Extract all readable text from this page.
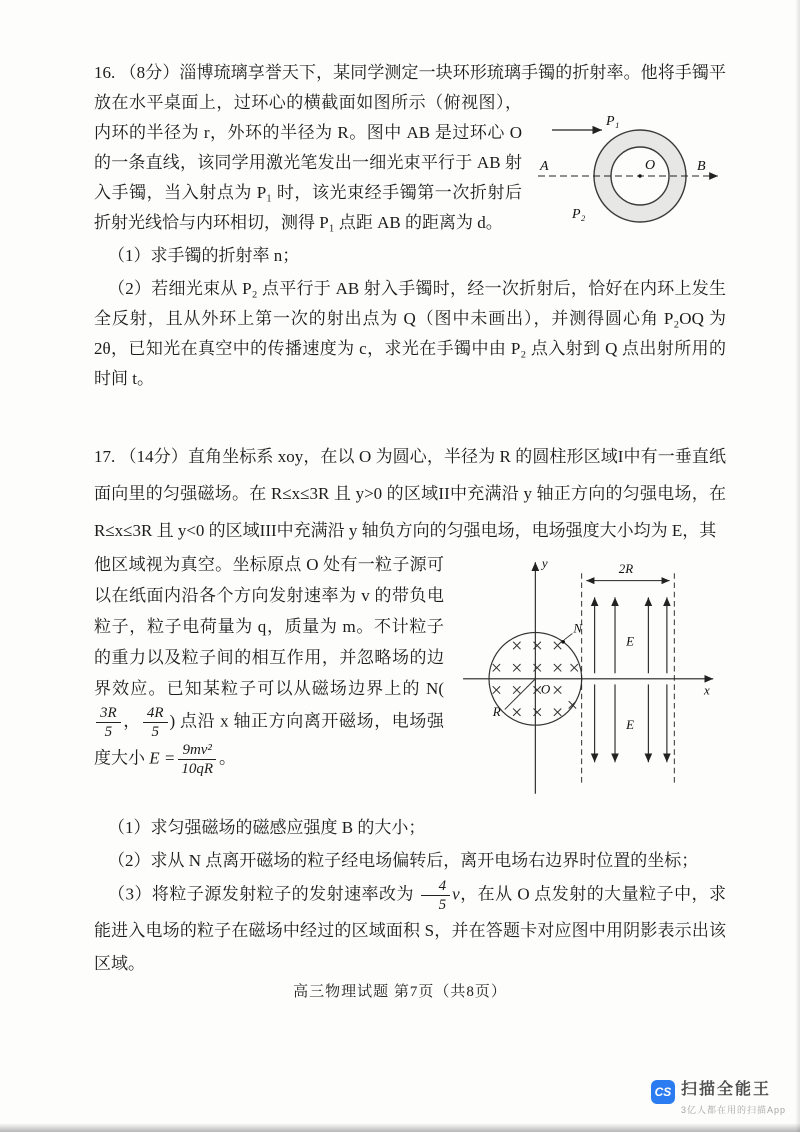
16. （8分）淄博琉璃享誉天下，某同学测定一块环形琉璃手镯的折射率。他将手镯平放
P₁
A	O	B
P₂
在水平桌面上，过环心的横截面如图所示（俯视图），内环的半径为 r，外环的半径为 R。图中 AB 是过环心 O 的一条直线，该同学用激光笔发出一细光束平行于 AB 射入手镯，当入射点为 P₁ 时，该光束经手镯第一次折射后折射光线恰与内环相切，测得 P₁ 点距 AB 的距离为 d。

（1）求手镯的折射率 n；

（2）若细光束从 P₂ 点平行于 AB 射入手镯时，经一次折射后，恰好在内环上发生全反射，且从外环上第一次的射出点为 Q（图中未画出），并测得圆心角 P₂OQ 为 2θ，已知光在真空中的传播速度为 c，求光在手镯中由 P₂ 点入射到 Q 点出射所用的时间 t。

17. （14分）直角坐标系 xoy，在以 O 为圆心，半径为 R 的圆柱形区域I中有一垂直纸面向里的匀强磁场。在 R≤x≤3R 且 y>0 的区域II中充满沿 y 轴正方向的匀强电场，在 R≤x≤3R 且 y<0 的区域III中充满沿 y 轴负方向的匀强电场，电场强度大小均为 E，其

y
x
O
R
N
2R
E
E
他区域视为真空。坐标原点 O 处有一粒子源可以在纸面内沿各个方向发射速率为 v 的带负电粒子，粒子电荷量为 q，质量为 m。不计粒子的重力以及粒子间的相互作用，并忽略场的边界效应。已知某粒子可以从磁场边界上的 N(
$\frac{3R}{5}$ ， $\frac{4R}{5}$ ) 点沿 x 轴正方向离开磁场，电场强度大小 $E = \frac{\text{9mv²}}{10qR}$ 。

（1）求匀强磁场的磁感应强度 B 的大小；

（2）求从 N 点离开磁场的粒子经电场偏转后，离开电场右边界时位置的坐标；

（3）将粒子源发射粒子的发射速率改为 $\frac{4}{5}$ v，在从 O 点发射的大量粒子中，求能进入电场的粒子在磁场中经过的区域面积 S，并在答题卡对应图中用阴影表示出该区域。

高三物理试题 第7页（共8页）
CS 扫描全能王
3亿人都在用的扫描App
